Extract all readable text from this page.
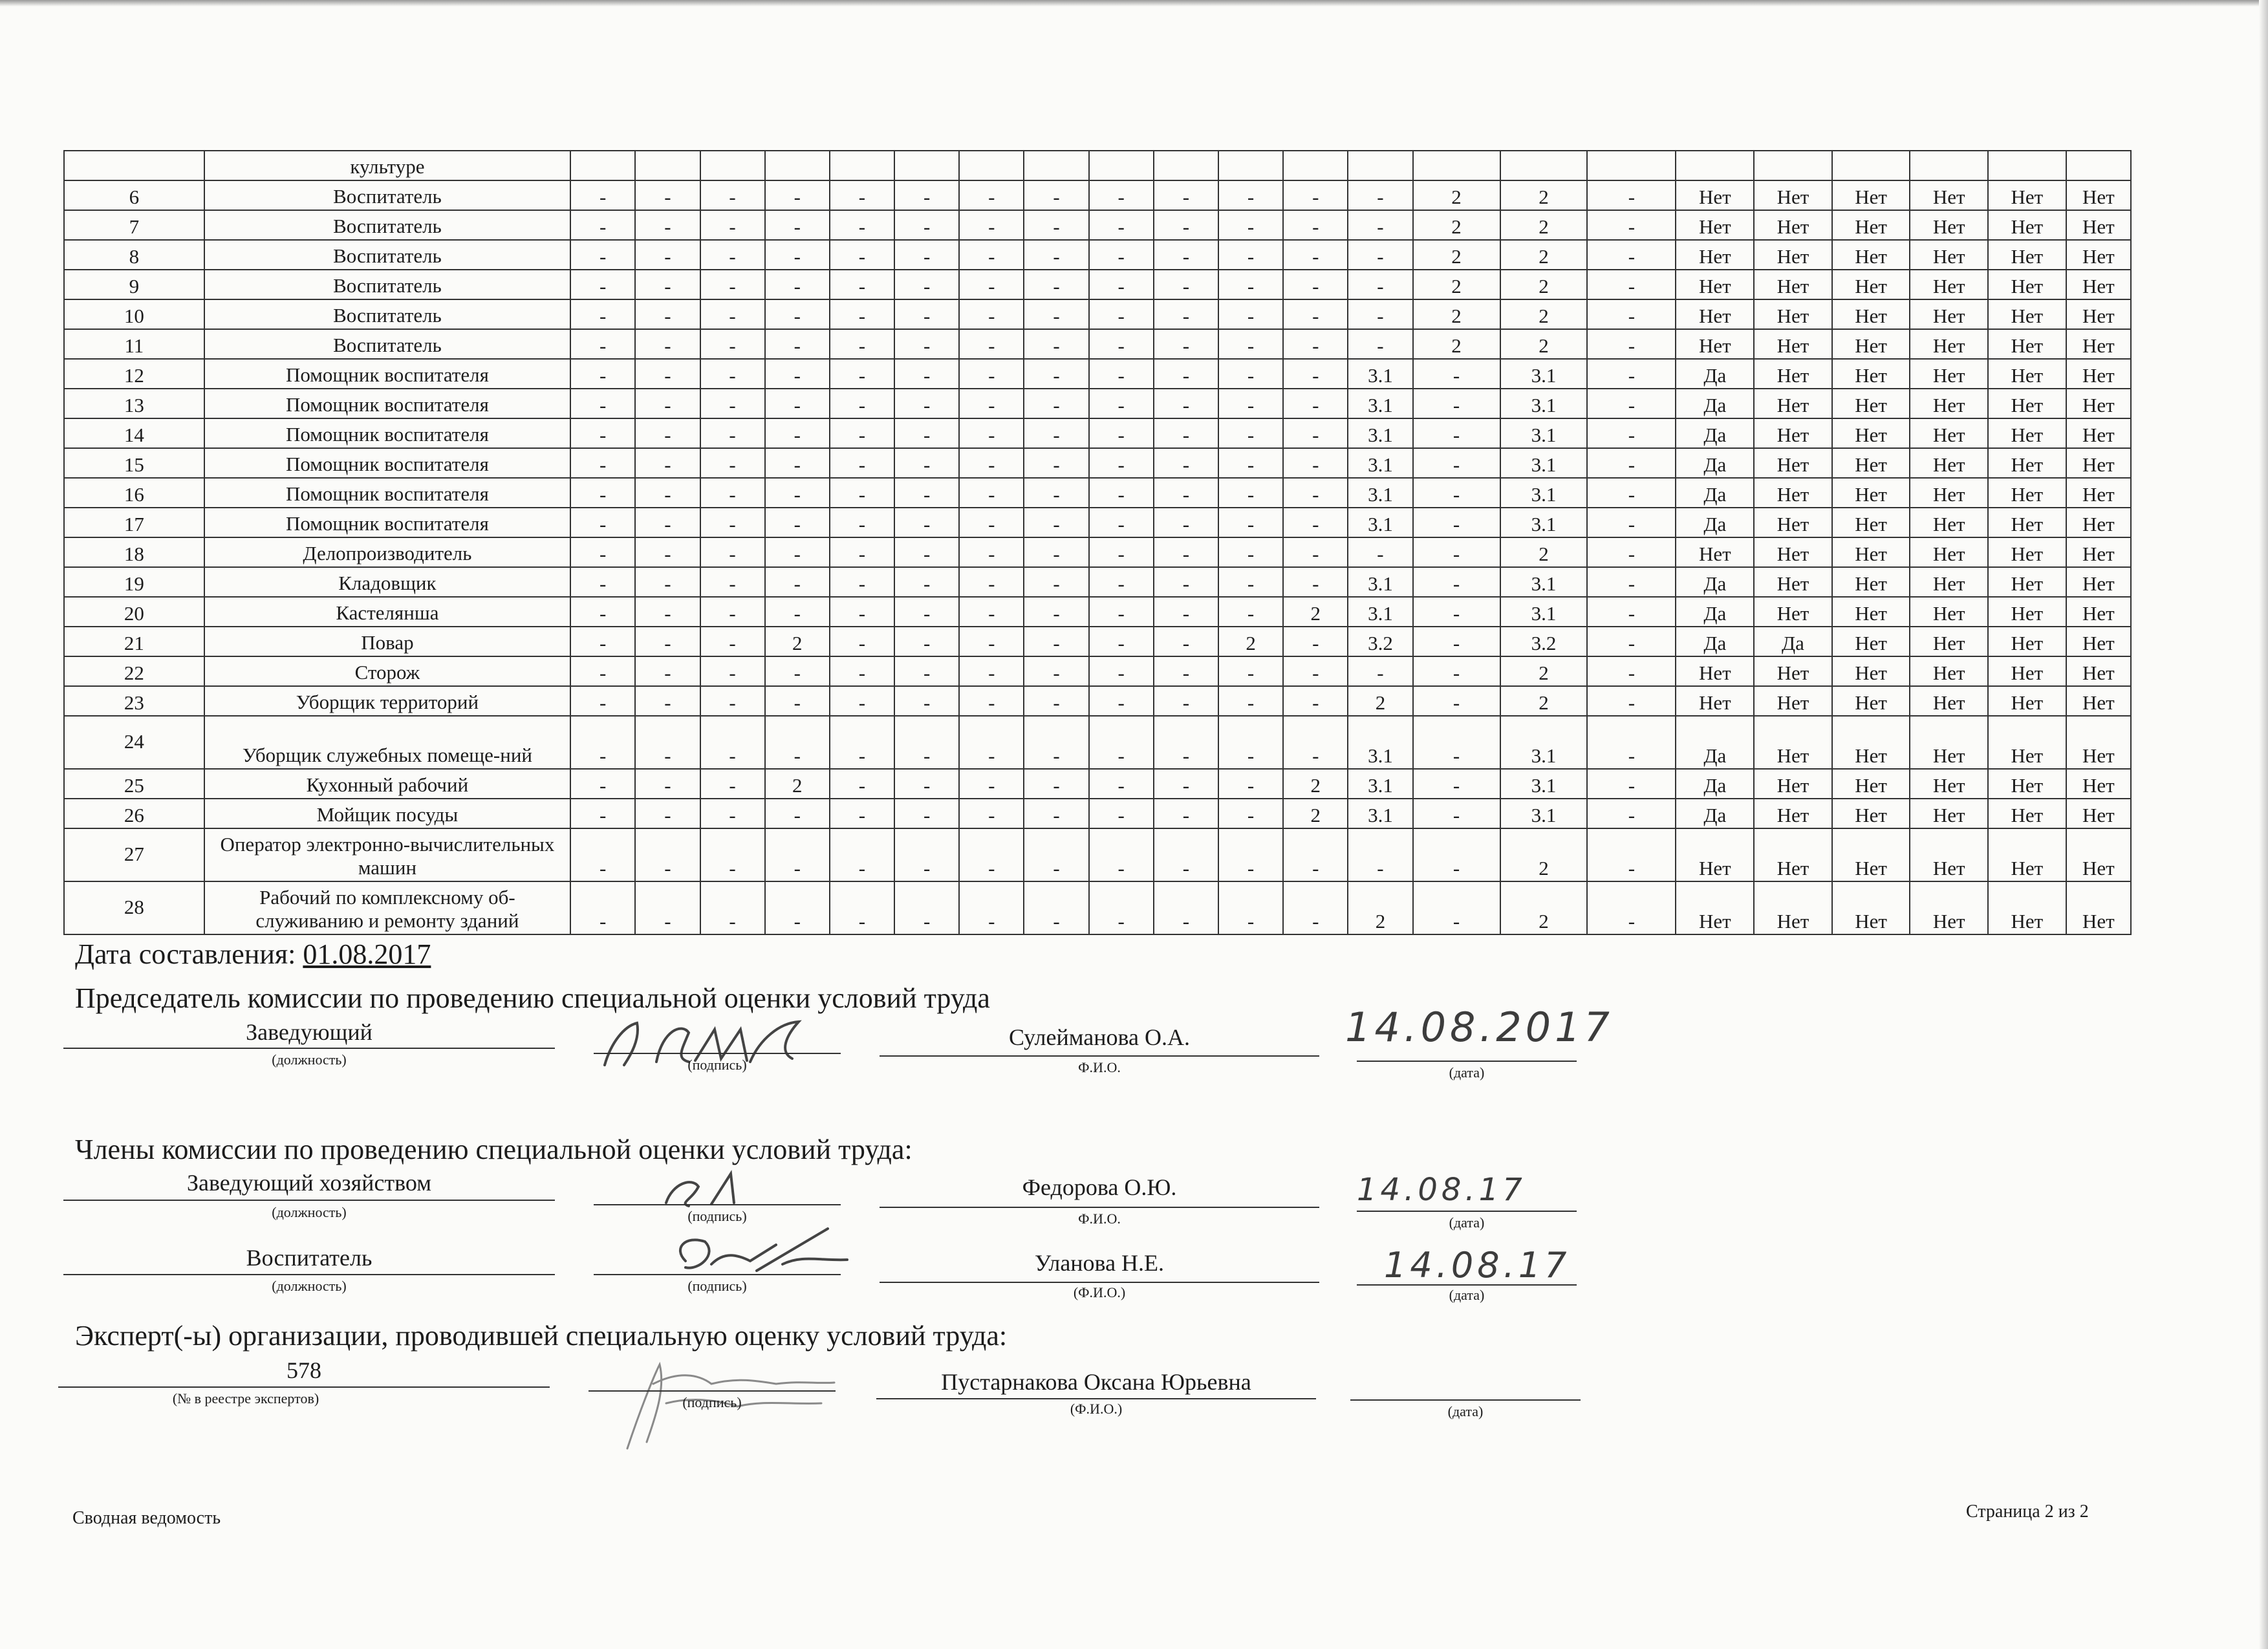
	культуре																						
6	Воспитатель	-	-	-	-	-	-	-	-	-	-	-	-	-	2	2	-	Нет	Нет	Нет	Нет	Нет	Нет
7	Воспитатель	-	-	-	-	-	-	-	-	-	-	-	-	-	2	2	-	Нет	Нет	Нет	Нет	Нет	Нет
8	Воспитатель	-	-	-	-	-	-	-	-	-	-	-	-	-	2	2	-	Нет	Нет	Нет	Нет	Нет	Нет
9	Воспитатель	-	-	-	-	-	-	-	-	-	-	-	-	-	2	2	-	Нет	Нет	Нет	Нет	Нет	Нет
10	Воспитатель	-	-	-	-	-	-	-	-	-	-	-	-	-	2	2	-	Нет	Нет	Нет	Нет	Нет	Нет
11	Воспитатель	-	-	-	-	-	-	-	-	-	-	-	-	-	2	2	-	Нет	Нет	Нет	Нет	Нет	Нет
12	Помощник воспитателя	-	-	-	-	-	-	-	-	-	-	-	-	3.1	-	3.1	-	Да	Нет	Нет	Нет	Нет	Нет
13	Помощник воспитателя	-	-	-	-	-	-	-	-	-	-	-	-	3.1	-	3.1	-	Да	Нет	Нет	Нет	Нет	Нет
14	Помощник воспитателя	-	-	-	-	-	-	-	-	-	-	-	-	3.1	-	3.1	-	Да	Нет	Нет	Нет	Нет	Нет
15	Помощник воспитателя	-	-	-	-	-	-	-	-	-	-	-	-	3.1	-	3.1	-	Да	Нет	Нет	Нет	Нет	Нет
16	Помощник воспитателя	-	-	-	-	-	-	-	-	-	-	-	-	3.1	-	3.1	-	Да	Нет	Нет	Нет	Нет	Нет
17	Помощник воспитателя	-	-	-	-	-	-	-	-	-	-	-	-	3.1	-	3.1	-	Да	Нет	Нет	Нет	Нет	Нет
18	Делопроизводитель	-	-	-	-	-	-	-	-	-	-	-	-	-	-	2	-	Нет	Нет	Нет	Нет	Нет	Нет
19	Кладовщик	-	-	-	-	-	-	-	-	-	-	-	-	3.1	-	3.1	-	Да	Нет	Нет	Нет	Нет	Нет
20	Кастелянша	-	-	-	-	-	-	-	-	-	-	-	2	3.1	-	3.1	-	Да	Нет	Нет	Нет	Нет	Нет
21	Повар	-	-	-	2	-	-	-	-	-	-	2	-	3.2	-	3.2	-	Да	Да	Нет	Нет	Нет	Нет
22	Сторож	-	-	-	-	-	-	-	-	-	-	-	-	-	-	2	-	Нет	Нет	Нет	Нет	Нет	Нет
23	Уборщик территорий	-	-	-	-	-	-	-	-	-	-	-	-	2	-	2	-	Нет	Нет	Нет	Нет	Нет	Нет
24	Уборщик служебных помеще-ний	-	-	-	-	-	-	-	-	-	-	-	-	3.1	-	3.1	-	Да	Нет	Нет	Нет	Нет	Нет
25	Кухонный рабочий	-	-	-	2	-	-	-	-	-	-	-	2	3.1	-	3.1	-	Да	Нет	Нет	Нет	Нет	Нет
26	Мойщик посуды	-	-	-	-	-	-	-	-	-	-	-	2	3.1	-	3.1	-	Да	Нет	Нет	Нет	Нет	Нет
27	Оператор электронно-вычислительных машин	-	-	-	-	-	-	-	-	-	-	-	-	-	-	2	-	Нет	Нет	Нет	Нет	Нет	Нет
28	Рабочий по комплексному об-служиванию и ремонту зданий	-	-	-	-	-	-	-	-	-	-	-	-	2	-	2	-	Нет	Нет	Нет	Нет	Нет	Нет
Дата составления: 01.08.2017
Председатель комиссии по проведению специальной оценки условий труда
Заведующий
(должность)	(подпись)
Сулейманова О.А.
Ф.И.О.
14.08.2017
(дата)
Члены комиссии по проведению специальной оценки условий труда:
Заведующий хозяйством
(должность)	(подпись)
Федорова О.Ю.
Ф.И.О.
14.08.17
(дата)
Воспитатель
(должность)	(подпись)
Уланова Н.Е.
(Ф.И.О.)
14.08.17
(дата)
Эксперт(-ы) организации, проводившей специальную оценку условий труда:
578
(№ в реестре экспертов)	(подпись)
Пустарнакова Оксана Юрьевна
(Ф.И.О.)	(дата)
Сводная ведомость	Страница 2 из 2
